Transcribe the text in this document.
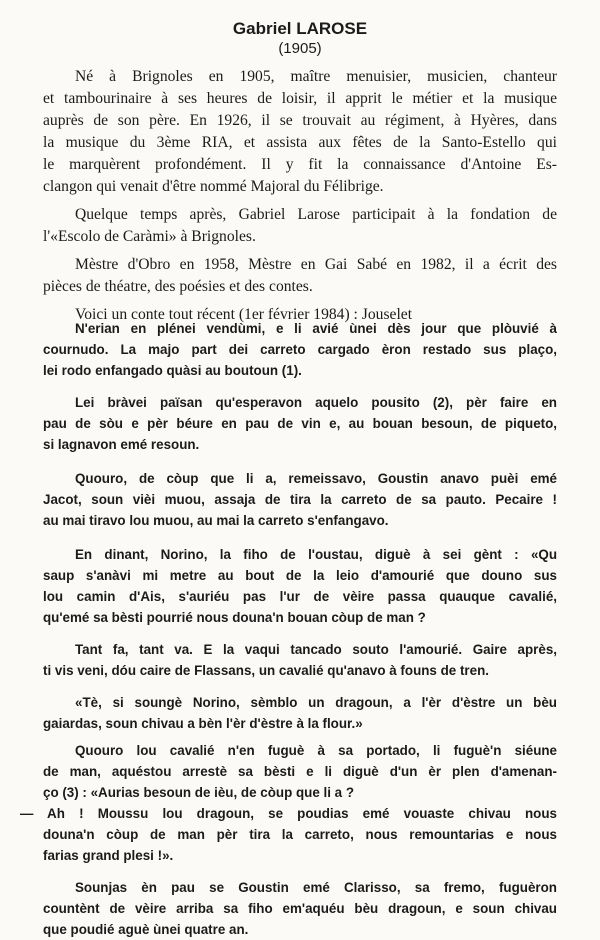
Gabriel LAROSE
(1905)
Né à Brignoles en 1905, maître menuisier, musicien, chanteur
et tambourinaire à ses heures de loisir, il apprit le métier et la musique
auprès de son père. En 1926, il se trouvait au régiment, à Hyères, dans
la musique du 3ème RIA, et assista aux fêtes de la Santo-Estello qui
le marquèrent profondément. Il y fit la connaissance d'Antoine Es-
clangon qui venait d'être nommé Majoral du Félibrige.
Quelque temps après, Gabriel Larose participait à la fondation de
l'«Escolo de Caràmi» à Brignoles.
Mèstre d'Obro en 1958, Mèstre en Gai Sabé en 1982, il a écrit des
pièces de théatre, des poésies et des contes.
Voici un conte tout récent (1er février 1984) : Jouselet
N'erian en plénei vendùmi, e li avié ùnei dès jour que plòuvié à
cournudo. La majo part dei carreto cargado èron restado sus plaço,
lei rodo enfangado quàsi au boutoun (1).
Lei bràvei païsan qu'esperavon aquelo pousito (2), pèr faire en
pau de sòu e pèr béure en pau de vin e, au bouan besoun, de piqueto,
si lagnavon emé resoun.
Quouro, de còup que li a, remeissavo, Goustin anavo puèi emé
Jacot, soun vièi muou, assaja de tira la carreto de sa pauto. Pecaire !
au mai tiravo lou muou, au mai la carreto s'enfangavo.
En dinant, Norino, la fiho de l'oustau, diguè à sei gènt : «Qu
saup s'anàvi mi metre au bout de la leio d'amourié que douno sus
lou camin d'Ais, s'auriéu pas l'ur de vèire passa quauque cavalié,
qu'emé sa bèsti pourrié nous douna'n bouan còup de man ?
Tant fa, tant va. E la vaqui tancado souto l'amourié. Gaire après,
ti vis veni, dóu caire de Flassans, un cavalié qu'anavo à founs de tren.
«Tè, si soungè Norino, sèmblo un dragoun, a l'èr d'èstre un bèu
gaiardas, soun chivau a bèn l'èr d'èstre à la flour.»
Quouro lou cavalié n'en fuguè à sa portado, li fuguè'n siéune
de man, aquéstou arrestè sa bèsti e li diguè d'un èr plen d'amenan-
ço (3) : «Aurias besoun de ièu, de còup que li a ?
— Ah ! Moussu lou dragoun, se poudias emé vouaste chivau nous
douna'n còup de man pèr tira la carreto, nous remountarias e nous
farias grand plesi !».
Sounjas èn pau se Goustin emé Clarisso, sa fremo, fuguèron
countènt de vèire arriba sa fiho em'aquéu bèu dragoun, e soun chivau
que poudié aguè ùnei quatre an.
